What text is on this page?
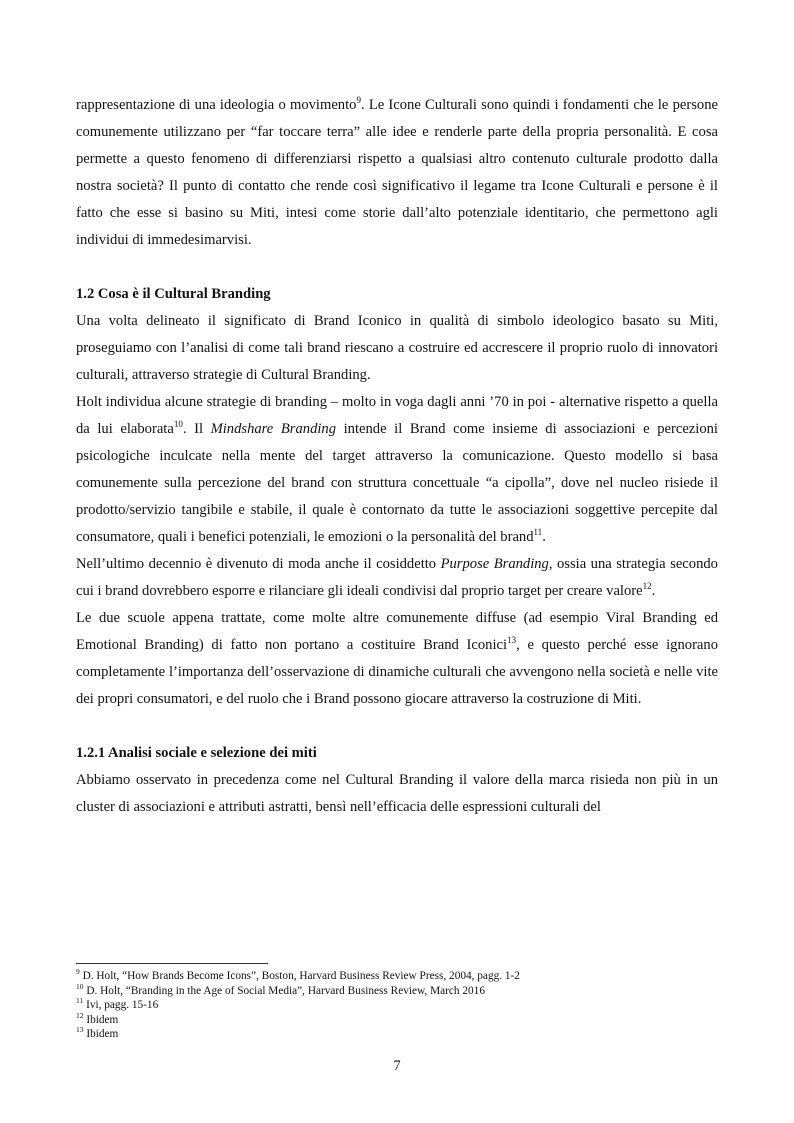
rappresentazione di una ideologia o movimento$^9$. Le Icone Culturali sono quindi i fondamenti che le persone comunemente utilizzano per “far toccare terra” alle idee e renderle parte della propria personalità. E cosa permette a questo fenomeno di differenziarsi rispetto a qualsiasi altro contenuto culturale prodotto dalla nostra società? Il punto di contatto che rende così significativo il legame tra Icone Culturali e persone è il fatto che esse si basino su Miti, intesi come storie dall’alto potenziale identitario, che permettono agli individui di immedesimarvisi.

1.2 Cosa è il Cultural Branding

Una volta delineato il significato di Brand Iconico in qualità di simbolo ideologico basato su Miti, proseguiamo con l’analisi di come tali brand riescano a costruire ed accrescere il proprio ruolo di innovatori culturali, attraverso strategie di Cultural Branding.

Holt individua alcune strategie di branding – molto in voga dagli anni ’70 in poi - alternative rispetto a quella da lui elaborata$^{10}$. Il Mindshare Branding intende il Brand come insieme di associazioni e percezioni psicologiche inculcate nella mente del target attraverso la comunicazione. Questo modello si basa comunemente sulla percezione del brand con struttura concettuale “a cipolla”, dove nel nucleo risiede il prodotto/servizio tangibile e stabile, il quale è contornato da tutte le associazioni soggettive percepite dal consumatore, quali i benefici potenziali, le emozioni o la personalità del brand$^{11}$.

Nell’ultimo decennio è divenuto di moda anche il cosiddetto Purpose Branding, ossia una strategia secondo cui i brand dovrebbero esporre e rilanciare gli ideali condivisi dal proprio target per creare valore$^{12}$.

Le due scuole appena trattate, come molte altre comunemente diffuse (ad esempio Viral Branding ed Emotional Branding) di fatto non portano a costituire Brand Iconici$^{13}$, e questo perché esse ignorano completamente l’importanza dell’osservazione di dinamiche culturali che avvengono nella società e nelle vite dei propri consumatori, e del ruolo che i Brand possono giocare attraverso la costruzione di Miti.

1.2.1 Analisi sociale e selezione dei miti

Abbiamo osservato in precedenza come nel Cultural Branding il valore della marca risieda non più in un cluster di associazioni e attributi astratti, bensì nell’efficacia delle espressioni culturali del

$^9$ D. Holt, “How Brands Become Icons”, Boston, Harvard Business Review Press, 2004, pagg. 1-2

$^{10}$ D. Holt, “Branding in the Age of Social Media”, Harvard Business Review, March 2016

$^{11}$ Ivi, pagg. 15-16

$^{12}$ Ibidem

$^{13}$ Ibidem

7
